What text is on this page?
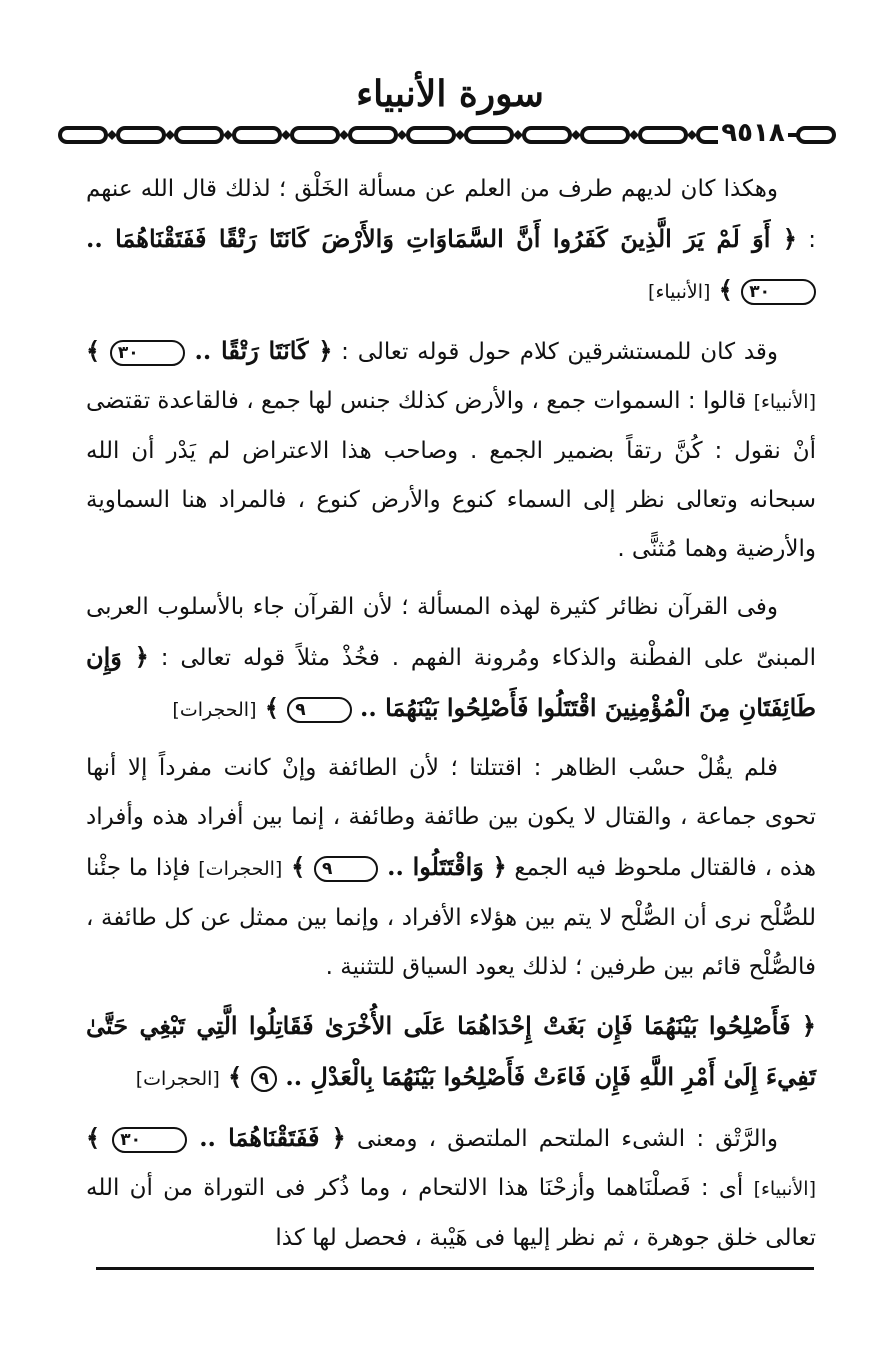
سورة الأنبياء
٩٥١٨

وهكذا كان لديهم طرف من العلم عن مسألة الخَلْق ؛ لذلك قال الله عنهم : ﴿ أَوَ لَمْ يَرَ الَّذِينَ كَفَرُوا أَنَّ السَّمَاوَاتِ وَالأَرْضَ كَانَتَا رَتْقًا فَفَتَقْنَاهُمَا .. ٣٠ ﴾ [الأنبياء]

وقد كان للمستشرقين كلام حول قوله تعالى : ﴿ كَانَتَا رَتْقًا .. ٣٠ ﴾ [الأنبياء] قالوا : السموات جمع ، والأرض كذلك جنس لها جمع ، فالقاعدة تقتضى أنْ نقول : كُنَّ رتقاً بضمير الجمع . وصاحب هذا الاعتراض لم يَدْر أن الله سبحانه وتعالى نظر إلى السماء كنوع والأرض كنوع ، فالمراد هنا السماوية والأرضية وهما مُثنًّى .

وفى القرآن نظائر كثيرة لهذه المسألة ؛ لأن القرآن جاء بالأسلوب العربى المبنىّ على الفطْنة والذكاء ومُرونة الفهم . فخُذْ مثلاً قوله تعالى : ﴿ وَإِن طَائِفَتَانِ مِنَ الْمُؤْمِنِينَ اقْتَتَلُوا فَأَصْلِحُوا بَيْنَهُمَا .. ٩ ﴾ [الحجرات]

فلم يقُلْ حسْب الظاهر : اقتتلتا ؛ لأن الطائفة وإنْ كانت مفرداً إلا أنها تحوى جماعة ، والقتال لا يكون بين طائفة وطائفة ، إنما بين أفراد هذه وأفراد هذه ، فالقتال ملحوظ فيه الجمع ﴿ وَاقْتَتَلُوا .. ٩ ﴾ [الحجرات] فإذا ما جئْنا للصُّلْح نرى أن الصُّلْح لا يتم بين هؤلاء الأفراد ، وإنما بين ممثل عن كل طائفة ، فالصُّلْح قائم بين طرفين ؛ لذلك يعود السياق للتثنية .

﴿ فَأَصْلِحُوا بَيْنَهُمَا فَإِن بَغَتْ إِحْدَاهُمَا عَلَى الأُخْرَىٰ فَقَاتِلُوا الَّتِي تَبْغِي حَتَّىٰ تَفِيءَ إِلَىٰ أَمْرِ اللَّهِ فَإِن فَاءَتْ فَأَصْلِحُوا بَيْنَهُمَا بِالْعَدْلِ .. ٩ ﴾ [الحجرات]

والرَّتْق : الشىء الملتحم الملتصق ، ومعنى ﴿ فَفَتَقْنَاهُمَا .. ٣٠ ﴾ [الأنبياء] أى : فَصلْنَاهما وأزحْنَا هذا الالتحام ، وما ذُكر فى التوراة من أن الله تعالى خلق جوهرة ، ثم نظر إليها فى هَيْبة ، فحصل لها كذا
